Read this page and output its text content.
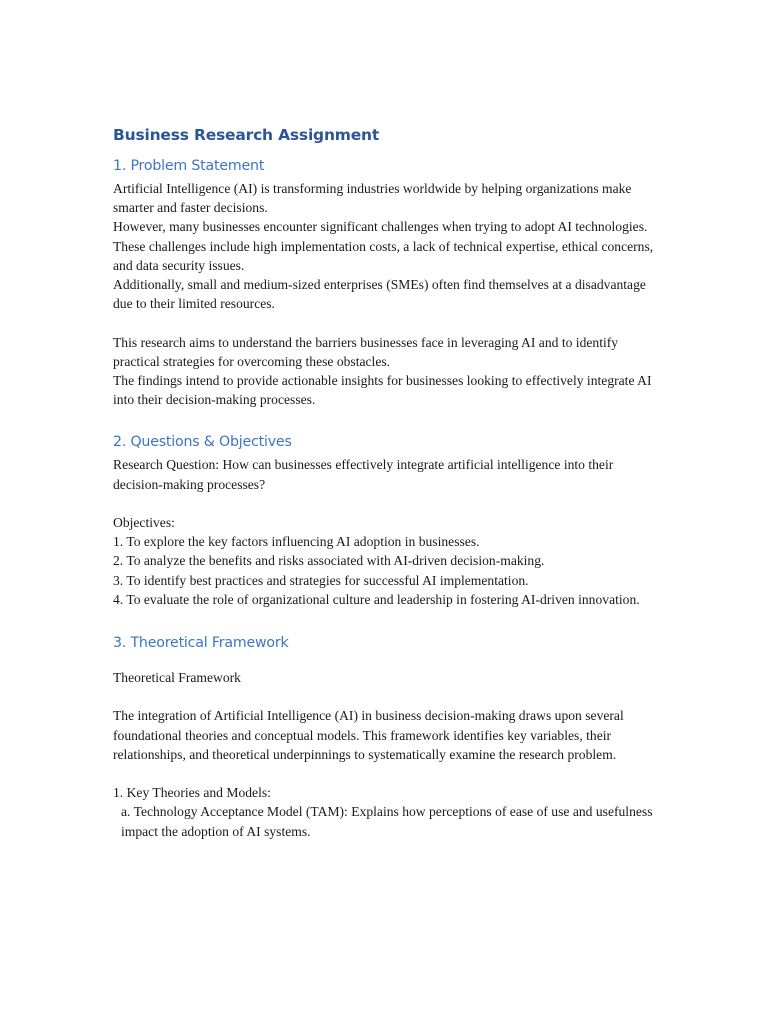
Business Research Assignment
1. Problem Statement

Artificial Intelligence (AI) is transforming industries worldwide by helping organizations make smarter and faster decisions.

However, many businesses encounter significant challenges when trying to adopt AI technologies.

These challenges include high implementation costs, a lack of technical expertise, ethical concerns, and data security issues.

Additionally, small and medium-sized enterprises (SMEs) often find themselves at a disadvantage due to their limited resources.

This research aims to understand the barriers businesses face in leveraging AI and to identify practical strategies for overcoming these obstacles.

The findings intend to provide actionable insights for businesses looking to effectively integrate AI into their decision-making processes.

2. Questions & Objectives

Research Question: How can businesses effectively integrate artificial intelligence into their decision-making processes?

Objectives:

1. To explore the key factors influencing AI adoption in businesses.

2. To analyze the benefits and risks associated with AI-driven decision-making.

3. To identify best practices and strategies for successful AI implementation.

4. To evaluate the role of organizational culture and leadership in fostering AI-driven innovation.

3. Theoretical Framework

Theoretical Framework

The integration of Artificial Intelligence (AI) in business decision-making draws upon several foundational theories and conceptual models. This framework identifies key variables, their relationships, and theoretical underpinnings to systematically examine the research problem.

1. Key Theories and Models:

a. Technology Acceptance Model (TAM): Explains how perceptions of ease of use and usefulness impact the adoption of AI systems.
